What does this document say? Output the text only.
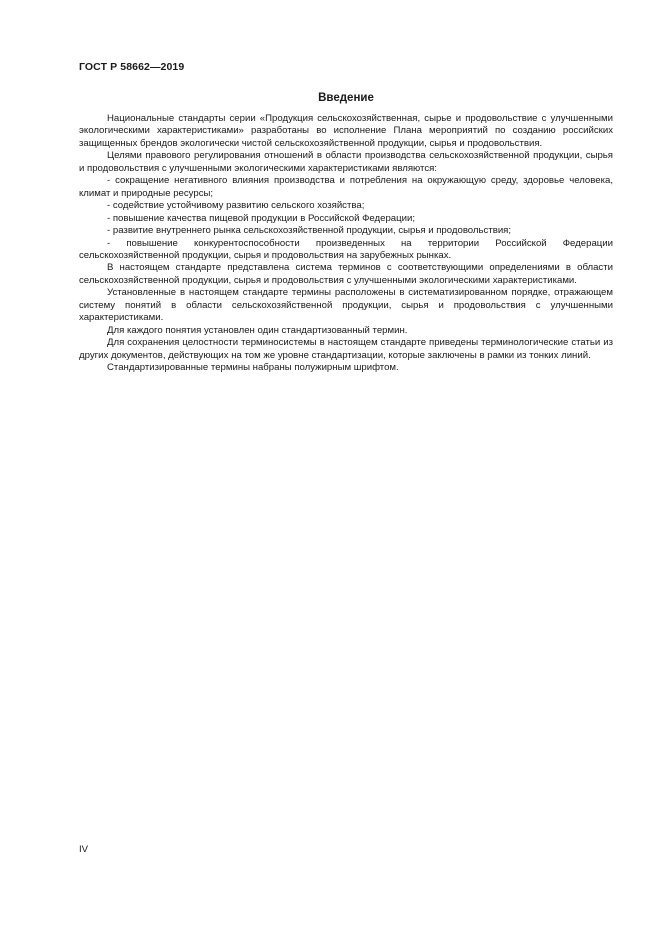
ГОСТ Р 58662—2019
Введение

Национальные стандарты серии «Продукция сельскохозяйственная, сырье и продовольствие с улучшенными экологическими характеристиками» разработаны во исполнение Плана мероприятий по созданию российских защищенных брендов экологически чистой сельскохозяйственной продукции, сырья и продовольствия.

Целями правового регулирования отношений в области производства сельскохозяйственной продукции, сырья и продовольствия с улучшенными экологическими характеристиками являются:

- сокращение негативного влияния производства и потребления на окружающую среду, здоровье человека, климат и природные ресурсы;

- содействие устойчивому развитию сельского хозяйства;

- повышение качества пищевой продукции в Российской Федерации;

- развитие внутреннего рынка сельскохозяйственной продукции, сырья и продовольствия;

- повышение конкурентоспособности произведенных на территории Российской Федерации сельскохозяйственной продукции, сырья и продовольствия на зарубежных рынках.

В настоящем стандарте представлена система терминов с соответствующими определениями в области сельскохозяйственной продукции, сырья и продовольствия с улучшенными экологическими характеристиками.

Установленные в настоящем стандарте термины расположены в систематизированном порядке, отражающем систему понятий в области сельскохозяйственной продукции, сырья и продовольствия с улучшенными характеристиками.

Для каждого понятия установлен один стандартизованный термин.

Для сохранения целостности терминосистемы в настоящем стандарте приведены терминологические статьи из других документов, действующих на том же уровне стандартизации, которые заключены в рамки из тонких линий.

Стандартизированные термины набраны полужирным шрифтом.

IV
